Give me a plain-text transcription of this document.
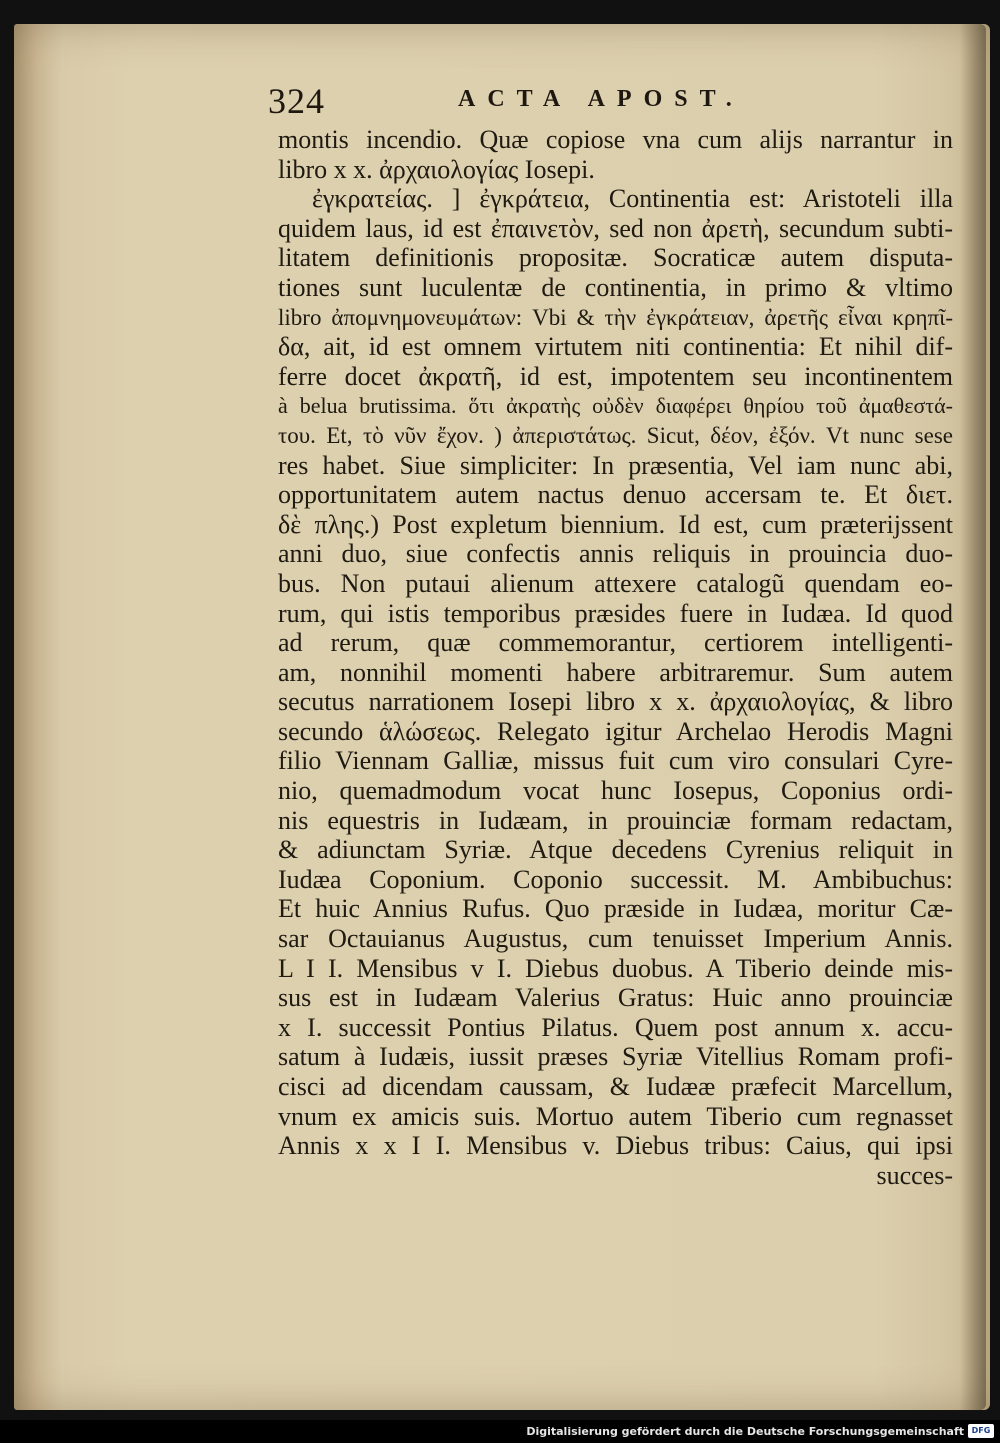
324	ACTA APOST.
montis incendio. Quæ copiose vna cum alijs narrantur in
libro x x. ἀρχαιολογίας Iosepi.
ἐγκρατείας. ] ἐγκράτεια, Continentia est: Aristoteli illa
quidem laus, id est ἐπαινετὸν, sed non ἀρετὴ, secundum subti-
litatem definitionis propositæ. Socraticæ autem disputa-
tiones sunt luculentæ de continentia, in primo & vltimo
libro ἀπομνημονευμάτων: Vbi & τὴν ἐγκράτειαν, ἀρετῆς εἶναι κρηπῖ-
δα, ait, id est omnem virtutem niti continentia: Et nihil dif-
ferre docet ἀκρατῆ, id est, impotentem seu incontinentem
à belua brutissima. ὅτι ἀκρατὴς οὐδὲν διαφέρει θηρίου τοῦ ἀμαθεστά-
του. Et, τὸ νῦν ἔχον. ) ἀπεριστάτως. Sicut, δέον, ἐξόν. Vt nunc sese
res habet. Siue simpliciter: In præsentia, Vel iam nunc abi,
opportunitatem autem nactus denuo accersam te. Et διετ.
δὲ πλης.) Post expletum biennium. Id est, cum præterijssent
anni duo, siue confectis annis reliquis in prouincia duo-
bus. Non putaui alienum attexere catalogũ quendam eo-
rum, qui istis temporibus præsides fuere in Iudæa. Id quod
ad rerum, quæ commemorantur, certiorem intelligenti-
am, nonnihil momenti habere arbitraremur. Sum autem
secutus narrationem Iosepi libro x x. ἀρχαιολογίας, & libro
secundo ἁλώσεως. Relegato igitur Archelao Herodis Magni
filio Viennam Galliæ, missus fuit cum viro consulari Cyre-
nio, quemadmodum vocat hunc Iosepus, Coponius ordi-
nis equestris in Iudæam, in prouinciæ formam redactam,
& adiunctam Syriæ. Atque decedens Cyrenius reliquit in
Iudæa Coponium. Coponio successit. M. Ambibuchus:
Et huic Annius Rufus. Quo præside in Iudæa, moritur Cæ-
sar Octauianus Augustus, cum tenuisset Imperium Annis.
L I I. Mensibus v I. Diebus duobus. A Tiberio deinde mis-
sus est in Iudæam Valerius Gratus: Huic anno prouinciæ
x I. successit Pontius Pilatus. Quem post annum x. accu-
satum à Iudæis, iussit præses Syriæ Vitellius Romam profi-
cisci ad dicendam caussam, & Iudææ præfecit Marcellum,
vnum ex amicis suis. Mortuo autem Tiberio cum regnasset
Annis x x I I. Mensibus v. Diebus tribus: Caius, qui ipsi
succes-
Digitalisierung gefördert durch die Deutsche Forschungsgemeinschaft DFG
